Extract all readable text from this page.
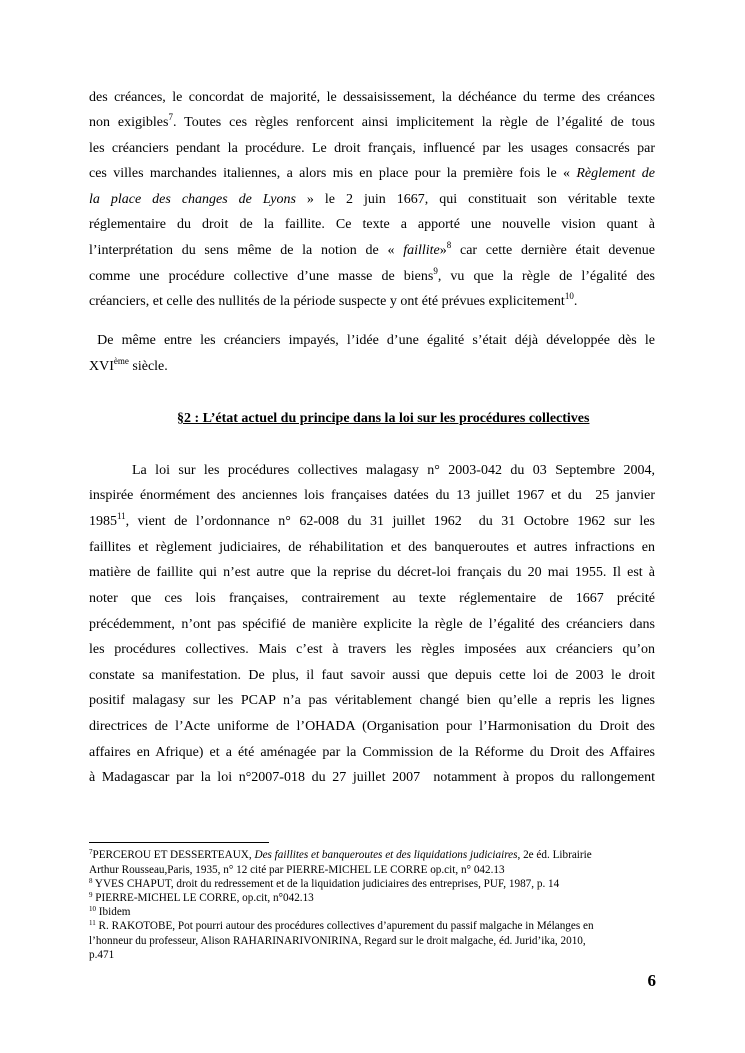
des créances, le concordat de majorité, le dessaisissement, la déchéance du terme des créances
non exigibles$^7$. Toutes ces règles renforcent ainsi implicitement la règle de l’égalité de tous
les créanciers pendant la procédure. Le droit français, influencé par les usages consacrés par
ces villes marchandes italiennes, a alors mis en place pour la première fois le « Règlement de
la place des changes de Lyons » le 2 juin 1667, qui constituait son véritable texte
réglementaire du droit de la faillite. Ce texte a apporté une nouvelle vision quant à
l’interprétation du sens même de la notion de « faillite»$^8$ car cette dernière était devenue
comme une procédure collective d’une masse de biens$^9$, vu que la règle de l’égalité des
créanciers, et celle des nullités de la période suspecte y ont été prévues explicitement$^{10}$.
De même entre les créanciers impayés, l’idée d’une égalité s’était déjà développée dès le
XVIème siècle.
§2 : L’état actuel du principe dans la loi sur les procédures collectives
La loi sur les procédures collectives malagasy n° 2003-042 du 03 Septembre 2004,
inspirée énormément des anciennes lois françaises datées du 13 juillet 1967 et du  25 janvier
1985$^{11}$, vient de l’ordonnance n° 62-008 du 31 juillet 1962  du 31 Octobre 1962 sur les
faillites et règlement judiciaires, de réhabilitation et des banqueroutes et autres infractions en
matière de faillite qui n’est autre que la reprise du décret-loi français du 20 mai 1955. Il est à
noter que ces lois françaises, contrairement au texte réglementaire de 1667 précité
précédemment, n’ont pas spécifié de manière explicite la règle de l’égalité des créanciers dans
les procédures collectives. Mais c’est à travers les règles imposées aux créanciers qu’on
constate sa manifestation. De plus, il faut savoir aussi que depuis cette loi de 2003 le droit
positif malagasy sur les PCAP n’a pas véritablement changé bien qu’elle a repris les lignes
directrices de l’Acte uniforme de l’OHADA (Organisation pour l’Harmonisation du Droit des
affaires en Afrique) et a été aménagée par la Commission de la Réforme du Droit des Affaires
à Madagascar par la loi n°2007-018 du 27 juillet 2007  notamment à propos du rallongement
$^7$PERCEROU ET DESSERTEAUX, Des faillites et banqueroutes et des liquidations judiciaires, 2e éd. Librairie
Arthur Rousseau,Paris, 1935, n° 12 cité par PIERRE-MICHEL LE CORRE op.cit, n° 042.13
$^8$ YVES CHAPUT, droit du redressement et de la liquidation judiciaires des entreprises, PUF, 1987, p. 14
$^9$ PIERRE-MICHEL LE CORRE, op.cit, n°042.13
$^{10}$ Ibidem
$^{11}$ R. RAKOTOBE, Pot pourri autour des procédures collectives d’apurement du passif malgache in Mélanges en
l’honneur du professeur, Alison RAHARINARIVONIRINA, Regard sur le droit malgache, éd. Jurid’ika, 2010,
p.471
6
